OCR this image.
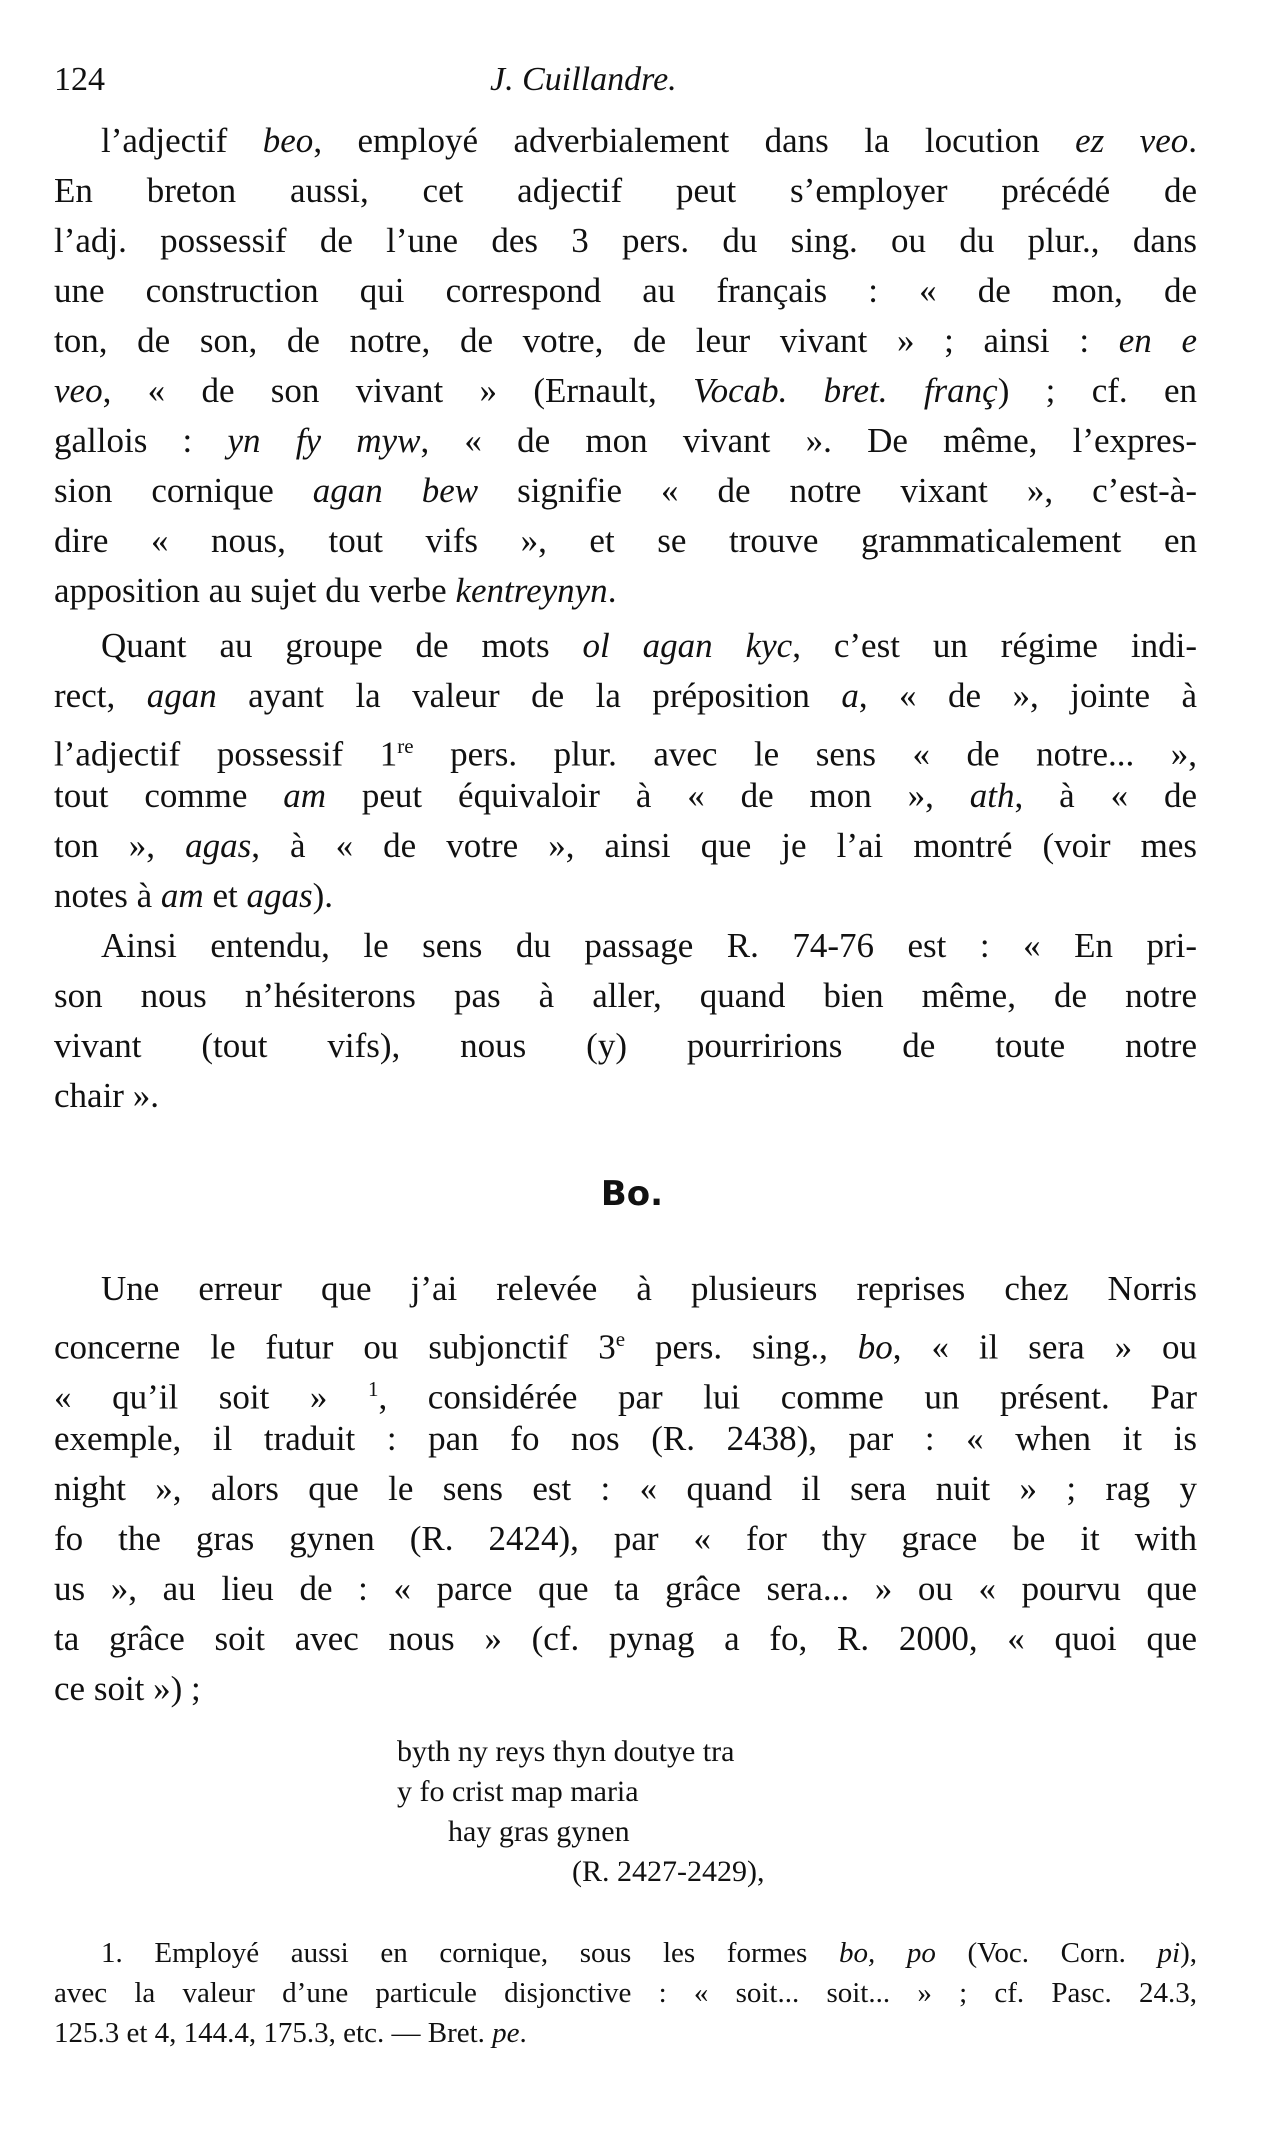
124	J. Cuillandre.
Bo.
l’adjectif beo, employé adverbialement dans la locution ez veo.
En breton aussi, cet adjectif peut s’employer précédé de
l’adj. possessif de l’une des 3 pers. du sing. ou du plur., dans
une construction qui correspond au français : « de mon, de
ton, de son, de notre, de votre, de leur vivant » ; ainsi : en e
veo, « de son vivant » (Ernault, Vocab. bret. franç) ; cf. en
gallois : yn fy myw, « de mon vivant ». De même, l’expres-
sion cornique agan bew signifie « de notre vixant », c’est-à-
dire « nous, tout vifs », et se trouve grammaticalement en
apposition au sujet du verbe kentreynyn.
Quant au groupe de mots ol agan kyc, c’est un régime indi-
rect, agan ayant la valeur de la préposition a, « de », jointe à
l’adjectif possessif 1re pers. plur. avec le sens « de notre... »,
tout comme am peut équivaloir à « de mon », ath, à « de
ton », agas, à « de votre », ainsi que je l’ai montré (voir mes
notes à am et agas).
Ainsi entendu, le sens du passage R. 74-76 est : « En pri-
son nous n’hésiterons pas à aller, quand bien même, de notre
vivant (tout vifs), nous (y) pourririons de toute notre
chair ».
Une erreur que j’ai relevée à plusieurs reprises chez Norris
concerne le futur ou subjonctif 3e pers. sing., bo, « il sera » ou
« qu’il soit » $^1$, considérée par lui comme un présent. Par
exemple, il traduit : pan fo nos (R. 2438), par : « when it is
night », alors que le sens est : « quand il sera nuit » ; rag y
fo the gras gynen (R. 2424), par « for thy grace be it with
us », au lieu de : « parce que ta grâce sera... » ou « pourvu que
ta grâce soit avec nous » (cf. pynag a fo, R. 2000, « quoi que
ce soit ») ;
byth ny reys thyn doutye tra
y fo crist map maria
hay gras gynen
(R. 2427-2429),
1. Employé aussi en cornique, sous les formes bo, po (Voc. Corn. pi),
avec la valeur d’une particule disjonctive : « soit... soit... » ; cf. Pasc. 24.3,
125.3 et 4, 144.4, 175.3, etc. — Bret. pe.
